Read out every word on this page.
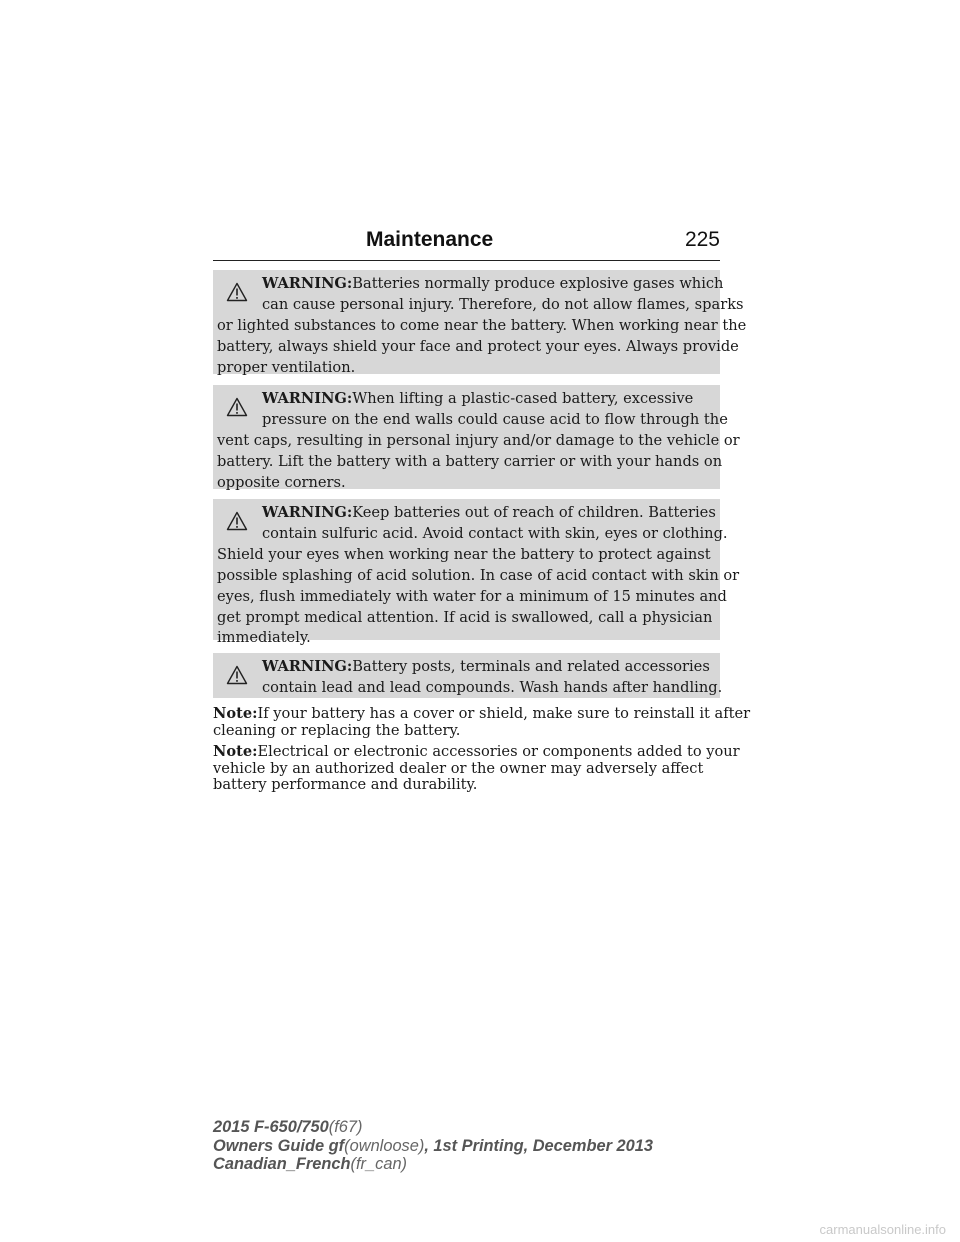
Maintenance	225
WARNING:Batteries normally produce explosive gases which
can cause personal injury. Therefore, do not allow flames, sparks
or lighted substances to come near the battery. When working near the
battery, always shield your face and protect your eyes. Always provide
proper ventilation.
WARNING:When lifting a plastic-cased battery, excessive
pressure on the end walls could cause acid to flow through the
vent caps, resulting in personal injury and/or damage to the vehicle or
battery. Lift the battery with a battery carrier or with your hands on
opposite corners.
WARNING:Keep batteries out of reach of children. Batteries
contain sulfuric acid. Avoid contact with skin, eyes or clothing.
Shield your eyes when working near the battery to protect against
possible splashing of acid solution. In case of acid contact with skin or
eyes, flush immediately with water for a minimum of 15 minutes and
get prompt medical attention. If acid is swallowed, call a physician
immediately.
WARNING:Battery posts, terminals and related accessories
contain lead and lead compounds. Wash hands after handling.
Note:If your battery has a cover or shield, make sure to reinstall it after
cleaning or replacing the battery.
Note:Electrical or electronic accessories or components added to your
vehicle by an authorized dealer or the owner may adversely affect
battery performance and durability.
2015 F-650/750(f67)
Owners Guide gf(ownloose), 1st Printing, December 2013
Canadian_French(fr_can)
carmanualsonline.info
